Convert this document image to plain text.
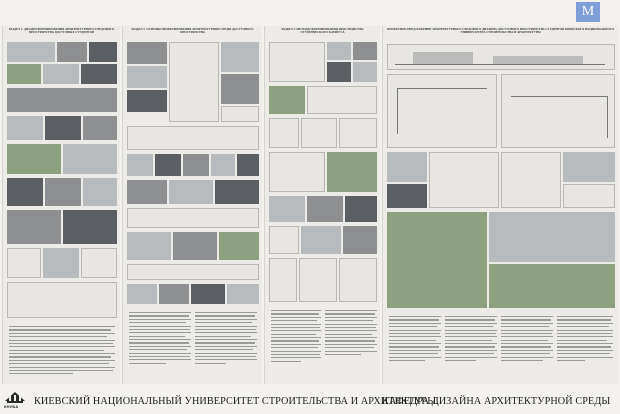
M
РАЗДЕЛ 1. ДИЗАЙН ФОРМИРОВАНИЯ АРХИТЕКТУРНОГО СРЕДОВОГО ПРОСТРАНСТВА ДОСУГОВЫХ СТУДЕНТОВ
РАЗДЕЛ 2. ОСНОВЫ ПРОЕКТИРОВАНИЯ АРХИТЕКТУРНОЙ СРЕДЫ ДОСУГОВОГО ПРОСТРАНСТВА
РАЗДЕЛ 3. МЕТОДЫ ФОРМИРОВАНИЯ ПРОСТРАНСТВА СТУДЕНЧЕСКОГО КАМПУСА
ПРОЕКТНОЕ ПРЕДЛОЖЕНИЕ АРХИТЕКТУРНОГО СРЕДОВОГО ДИЗАЙНА ДОСУГОВОГО ПРОСТРАНСТВА СТУДЕНТОВ КИЕВСКОГО НАЦИОНАЛЬНОГО УНИВЕРСИТЕТА СТРОИТЕЛЬСТВА И АРХИТЕКТУРЫ
КНУБА КИЕВСКИЙ НАЦИОНАЛЬНЫЙ УНИВЕРСИТЕТ СТРОИТЕЛЬСТВА И АРХИТЕКТУРЫ.
КАФЕДРА ДИЗАЙНА АРХИТЕКТУРНОЙ СРЕДЫ
